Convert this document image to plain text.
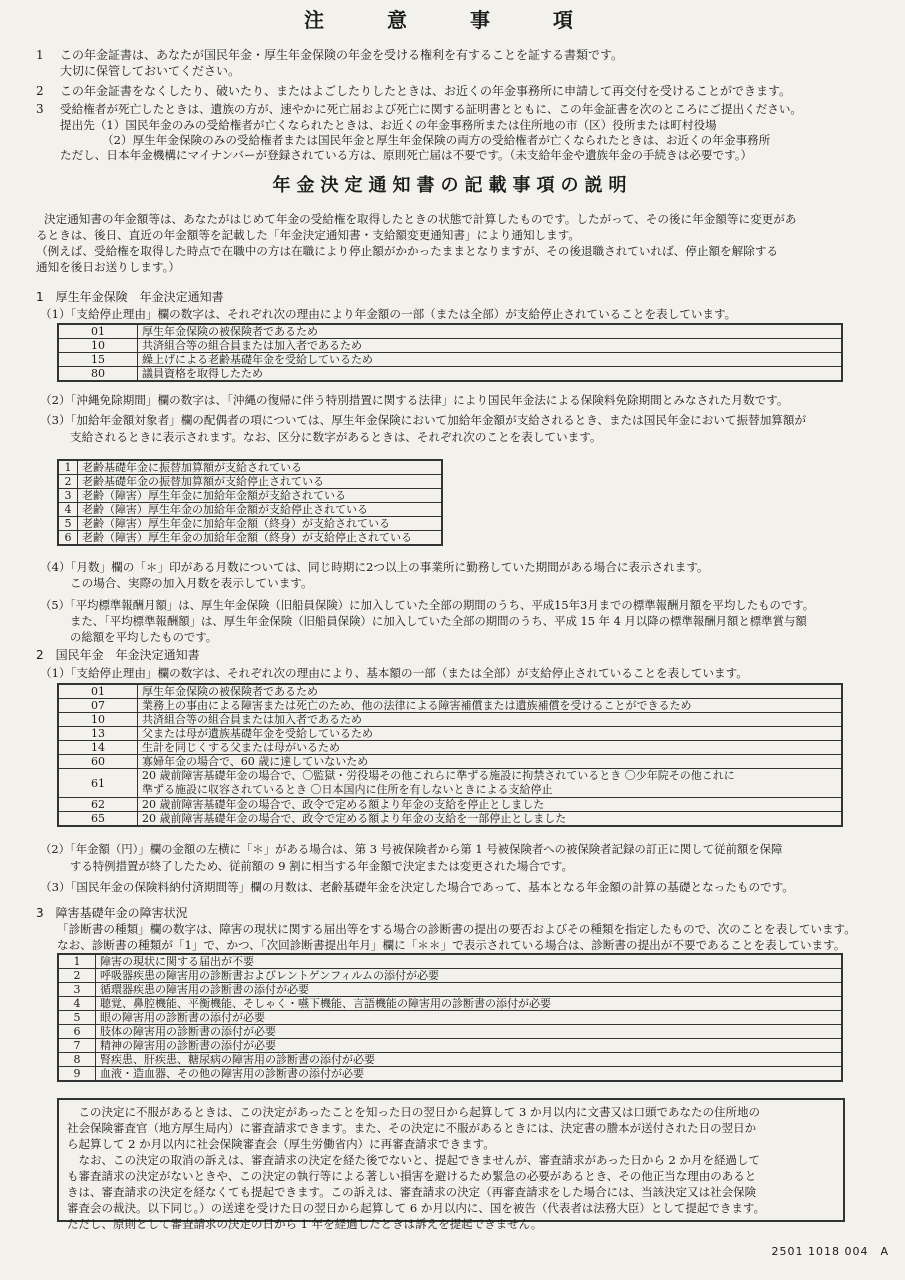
注 意 事 項
1 この年金証書は、あなたが国民年金・厚生年金保険の年金を受ける権利を有することを証する書類です。
大切に保管しておいてください。
2 この年金証書をなくしたり、破いたり、またはよごしたりしたときは、お近くの年金事務所に申請して再交付を受けることができます。
3 受給権者が死亡したときは、遺族の方が、速やかに死亡届および死亡に関する証明書とともに、この年金証書を次のところにご提出ください。
提出先（1）国民年金のみの受給権者が亡くなられたときは、お近くの年金事務所または住所地の市（区）役所または町村役場
（2）厚生年金保険のみの受給権者または国民年金と厚生年金保険の両方の受給権者が亡くなられたときは、お近くの年金事務所
ただし、日本年金機構にマイナンバーが登録されている方は、原則死亡届は不要です。（未支給年金や遺族年金の手続きは必要です。）
年金決定通知書の記載事項の説明
決定通知書の年金額等は、あなたがはじめて年金の受給権を取得したときの状態で計算したものです。したがって、その後に年金額等に変更があ
るときは、後日、直近の年金額等を記載した「年金決定通知書・支給額変更通知書」により通知します。
（例えば、受給権を取得した時点で在職中の方は在職により停止額がかかったままとなりますが、その後退職されていれば、停止額を解除する
通知を後日お送りします。）
1　厚生年金保険　年金決定通知書
（1）「支給停止理由」欄の数字は、それぞれ次の理由により年金額の一部（または全部）が支給停止されていることを表しています。
01	厚生年金保険の被保険者であるため
10	共済組合等の組合員または加入者であるため
15	繰上げによる老齢基礎年金を受給しているため
80	議員資格を取得したため
（2）「沖縄免除期間」欄の数字は、「沖縄の復帰に伴う特別措置に関する法律」により国民年金法による保険料免除期間とみなされた月数です。
（3）「加給年金額対象者」欄の配偶者の項については、厚生年金保険において加給年金額が支給されるとき、または国民年金において振替加算額が
支給されるときに表示されます。なお、区分に数字があるときは、それぞれ次のことを表しています。
1	老齢基礎年金に振替加算額が支給されている
2	老齢基礎年金の振替加算額が支給停止されている
3	老齢（障害）厚生年金に加給年金額が支給されている
4	老齢（障害）厚生年金の加給年金額が支給停止されている
5	老齢（障害）厚生年金に加給年金額（終身）が支給されている
6	老齢（障害）厚生年金の加給年金額（終身）が支給停止されている
（4）「月数」欄の「＊」印がある月数については、同じ時期に2つ以上の事業所に勤務していた期間がある場合に表示されます。
この場合、実際の加入月数を表示しています。
（5）「平均標準報酬月額」は、厚生年金保険（旧船員保険）に加入していた全部の期間のうち、平成15年3月までの標準報酬月額を平均したものです。
また、「平均標準報酬額」は、厚生年金保険（旧船員保険）に加入していた全部の期間のうち、平成 15 年 4 月以降の標準報酬月額と標準賞与額
の総額を平均したものです。
2　国民年金　年金決定通知書
（1）「支給停止理由」欄の数字は、それぞれ次の理由により、基本額の一部（または全部）が支給停止されていることを表しています。
01	厚生年金保険の被保険者であるため
07	業務上の事由による障害または死亡のため、他の法律による障害補償または遺族補償を受けることができるため
10	共済組合等の組合員または加入者であるため
13	父または母が遺族基礎年金を受給しているため
14	生計を同じくする父または母がいるため
60	寡婦年金の場合で、60 歳に達していないため
61	20 歳前障害基礎年金の場合で、〇監獄・労役場その他これらに準ずる施設に拘禁されているとき 〇少年院その他これに
準ずる施設に収容されているとき 〇日本国内に住所を有しないときによる支給停止

62	20 歳前障害基礎年金の場合で、政令で定める額より年金の支給を停止としました
65	20 歳前障害基礎年金の場合で、政令で定める額より年金の支給を一部停止としました
（2）「年金額（円）」欄の金額の左横に「＊」がある場合は、第 3 号被保険者から第 1 号被保険者への被保険者記録の訂正に関して従前額を保障
する特例措置が終了したため、従前額の 9 割に相当する年金額で決定または変更された場合です。
（3）「国民年金の保険料納付済期間等」欄の月数は、老齢基礎年金を決定した場合であって、基本となる年金額の計算の基礎となったものです。
3　障害基礎年金の障害状況
「診断書の種類」欄の数字は、障害の現状に関する届出等をする場合の診断書の提出の要否およびその種類を指定したもので、次のことを表しています。
なお、診断書の種類が「1」で、かつ、「次回診断書提出年月」欄に「＊＊」で表示されている場合は、診断書の提出が不要であることを表しています。
1	障害の現状に関する届出が不要
2	呼吸器疾患の障害用の診断書およびレントゲンフィルムの添付が必要
3	循環器疾患の障害用の診断書の添付が必要
4	聴覚、鼻腔機能、平衡機能、そしゃく・嚥下機能、言語機能の障害用の診断書の添付が必要
5	眼の障害用の診断書の添付が必要
6	肢体の障害用の診断書の添付が必要
7	精神の障害用の診断書の添付が必要
8	腎疾患、肝疾患、糖尿病の障害用の診断書の添付が必要
9	血液・造血器、その他の障害用の診断書の添付が必要
　この決定に不服があるときは、この決定があったことを知った日の翌日から起算して 3 か月以内に文書又は口頭であなたの住所地の
社会保険審査官（地方厚生局内）に審査請求できます。また、その決定に不服があるときには、決定書の謄本が送付された日の翌日か
ら起算して 2 か月以内に社会保険審査会（厚生労働省内）に再審査請求できます。
　なお、この決定の取消の訴えは、審査請求の決定を経た後でないと、提起できませんが、審査請求があった日から 2 か月を経過して
も審査請求の決定がないときや、この決定の執行等による著しい損害を避けるため緊急の必要があるとき、その他正当な理由のあると
きは、審査請求の決定を経なくても提起できます。この訴えは、審査請求の決定（再審査請求をした場合には、当該決定又は社会保険
審査会の裁決。以下同じ。）の送達を受けた日の翌日から起算して 6 か月以内に、国を被告（代表者は法務大臣）として提起できます。
ただし、原則として審査請求の決定の日から 1 年を経過したときは訴えを提起できません。
2501 1018 004　A
